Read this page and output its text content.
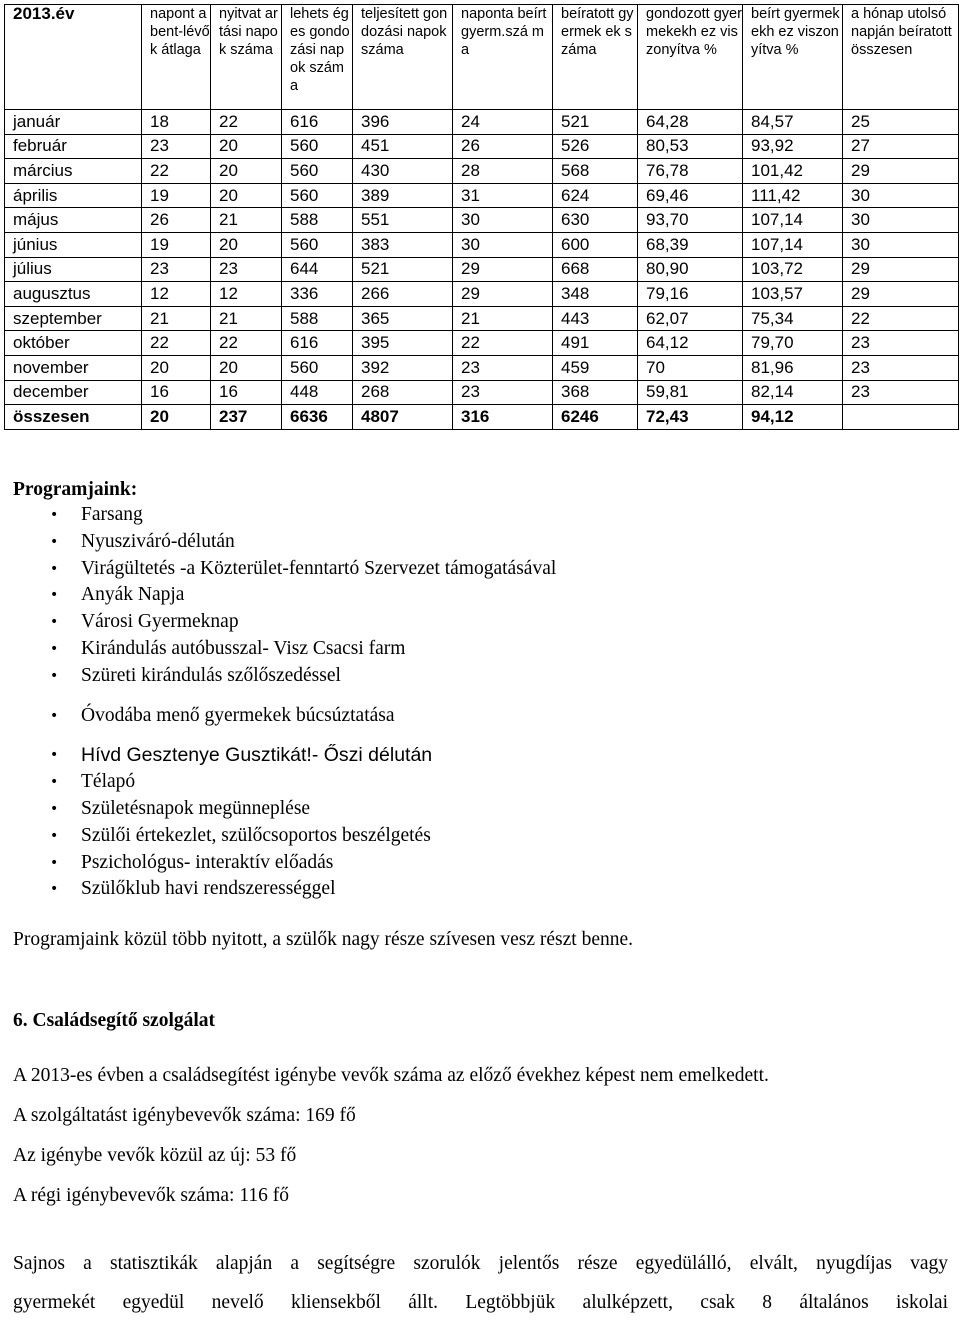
2013.év	napont a bent-lévők átlaga	nyitvat artási napok száma	lehets éges gondo zási napok száma	teljesített gondozási napok száma	naponta beírt gyerm.szá ma	beíratott gyermek ek száma	gondozott gyermekekh ez viszonyítva %	beírt gyermekekh ez viszonyítva %	a hónap utolsó napján beíratott összesen
január	18	22	616	396	24	521	64,28	84,57	25
február	23	20	560	451	26	526	80,53	93,92	27
március	22	20	560	430	28	568	76,78	101,42	29
április	19	20	560	389	31	624	69,46	111,42	30
május	26	21	588	551	30	630	93,70	107,14	30
június	19	20	560	383	30	600	68,39	107,14	30
július	23	23	644	521	29	668	80,90	103,72	29
augusztus	12	12	336	266	29	348	79,16	103,57	29
szeptember	21	21	588	365	21	443	62,07	75,34	22
október	22	22	616	395	22	491	64,12	79,70	23
november	20	20	560	392	23	459	70	81,96	23
december	16	16	448	268	23	368	59,81	82,14	23
összesen	20	237	6636	4807	316	6246	72,43	94,12	

Programjaink:

• Farsang
• Nyusziváró-délután
• Virágültetés -a Közterület-fenntartó Szervezet támogatásával
• Anyák Napja
• Városi Gyermeknap
• Kirándulás autóbusszal- Visz Csacsi farm
• Szüreti kirándulás szőlőszedéssel
• Óvodába menő gyermekek búcsúztatása
• Hívd Gesztenye Gusztikát!- Őszi délután
• Télapó
• Születésnapok megünneplése
• Szülői értekezlet, szülőcsoportos beszélgetés
• Pszichológus- interaktív előadás
• Szülőklub havi rendszerességgel

Programjaink közül több nyitott, a szülők nagy része szívesen vesz részt benne.

6. Családsegítő szolgálat

A 2013-es évben a családsegítést igénybe vevők száma az előző évekhez képest nem emelkedett.

A szolgáltatást igénybevevők száma: 169 fő

Az igénybe vevők közül az új: 53 fő

A régi igénybevevők száma: 116 fő

Sajnos a statisztikák alapján a segítségre szorulók jelentős része egyedülálló, elvált, nyugdíjas vagy

gyermekét egyedül nevelő kliensekből állt. Legtöbbjük alulképzett, csak 8 általános iskolai
